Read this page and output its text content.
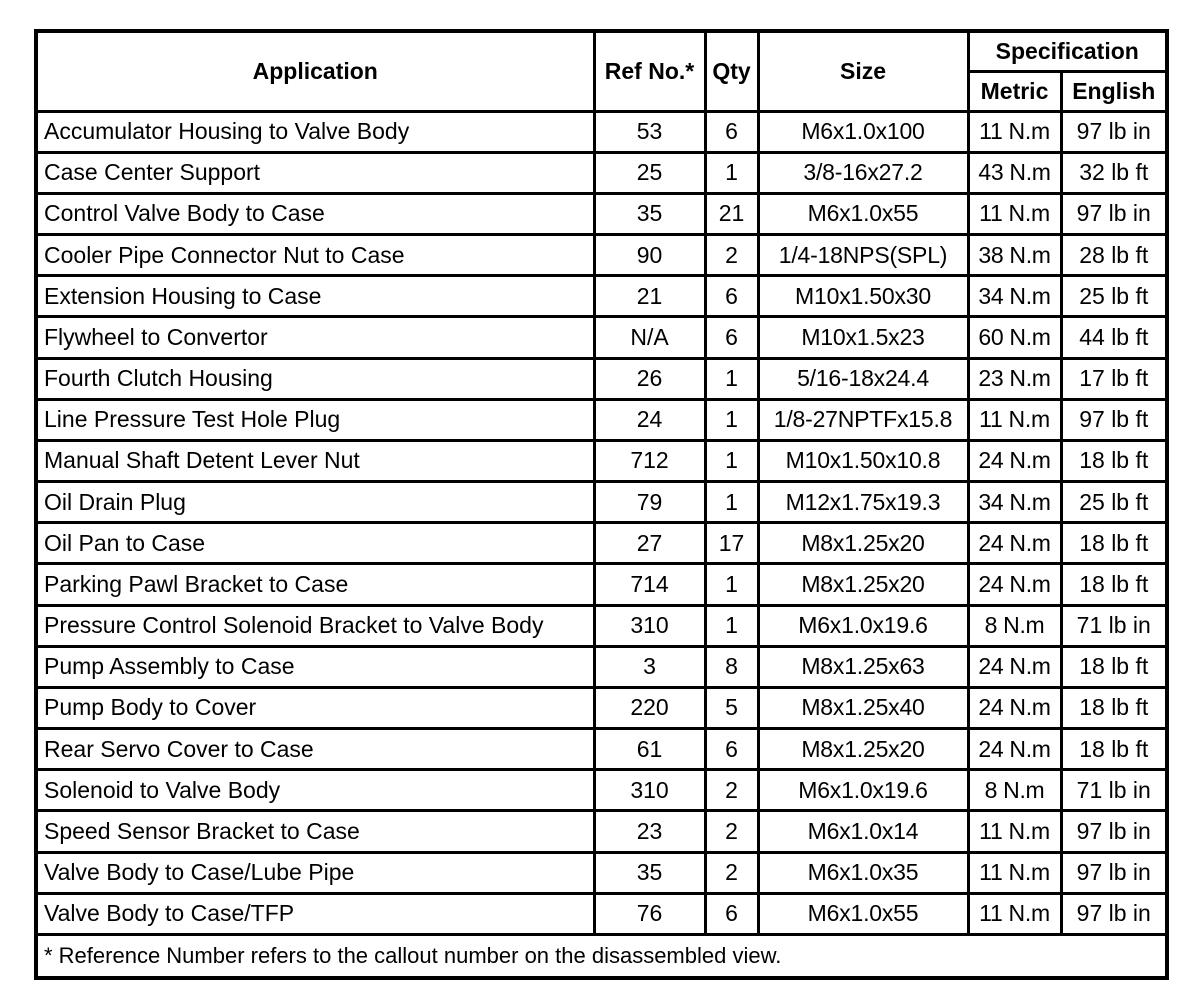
Application	Ref No.*	Qty	Size	Specification	
				Metric	English
Accumulator Housing to Valve Body	53	6	M6x1.0x100	11 N.m	97 lb in
Case Center Support	25	1	3/8-16x27.2	43 N.m	32 lb ft
Control Valve Body to Case	35	21	M6x1.0x55	11 N.m	97 lb in
Cooler Pipe Connector Nut to Case	90	2	1/4-18NPS(SPL)	38 N.m	28 lb ft
Extension Housing to Case	21	6	M10x1.50x30	34 N.m	25 lb ft
Flywheel to Convertor	N/A	6	M10x1.5x23	60 N.m	44 lb ft
Fourth Clutch Housing	26	1	5/16-18x24.4	23 N.m	17 lb ft
Line Pressure Test Hole Plug	24	1	1/8-27NPTFx15.8	11 N.m	97 lb ft
Manual Shaft Detent Lever Nut	712	1	M10x1.50x10.8	24 N.m	18 lb ft
Oil Drain Plug	79	1	M12x1.75x19.3	34 N.m	25 lb ft
Oil Pan to Case	27	17	M8x1.25x20	24 N.m	18 lb ft
Parking Pawl Bracket to Case	714	1	M8x1.25x20	24 N.m	18 lb ft
Pressure Control Solenoid Bracket to Valve Body	310	1	M6x1.0x19.6	8 N.m	71 lb in
Pump Assembly to Case	3	8	M8x1.25x63	24 N.m	18 lb ft
Pump Body to Cover	220	5	M8x1.25x40	24 N.m	18 lb ft
Rear Servo Cover to Case	61	6	M8x1.25x20	24 N.m	18 lb ft
Solenoid to Valve Body	310	2	M6x1.0x19.6	8 N.m	71 lb in
Speed Sensor Bracket to Case	23	2	M6x1.0x14	11 N.m	97 lb in
Valve Body to Case/Lube Pipe	35	2	M6x1.0x35	11 N.m	97 lb in
Valve Body to Case/TFP	76	6	M6x1.0x55	11 N.m	97 lb in
* Reference Number refers to the callout number on the disassembled view.					
